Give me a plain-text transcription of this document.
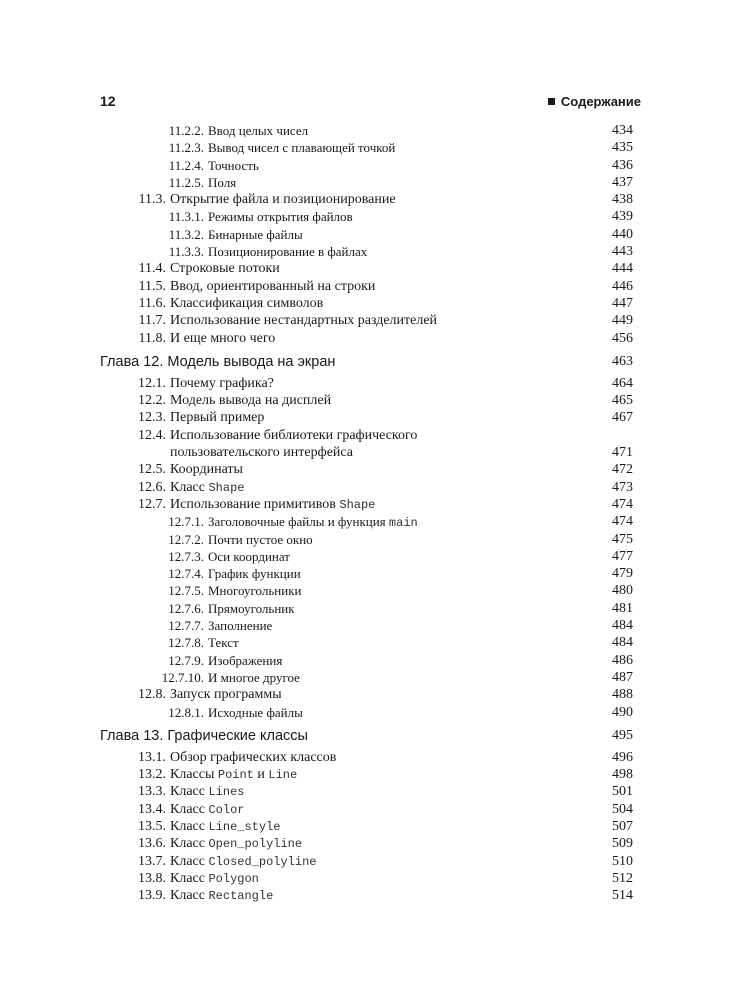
12	Содержание
11.2.2. Ввод целых чисел	434
11.2.3. Вывод чисел с плавающей точкой	435
11.2.4. Точность	436
11.2.5. Поля	437
11.3. Открытие файла и позиционирование	438
11.3.1. Режимы открытия файлов	439
11.3.2. Бинарные файлы	440
11.3.3. Позиционирование в файлах	443
11.4. Строковые потоки	444
11.5. Ввод, ориентированный на строки	446
11.6. Классификация символов	447
11.7. Использование нестандартных разделителей	449
11.8. И еще много чего	456
Глава 12. Модель вывода на экран	463
12.1. Почему графика?	464
12.2. Модель вывода на дисплей	465
12.3. Первый пример	467
12.4. Использование библиотеки графического
пользовательского интерфейса	471
12.5. Координаты	472
12.6. Класс Shape	473
12.7. Использование примитивов Shape	474
12.7.1. Заголовочные файлы и функция main	474
12.7.2. Почти пустое окно	475
12.7.3. Оси координат	477
12.7.4. График функции	479
12.7.5. Многоугольники	480
12.7.6. Прямоугольник	481
12.7.7. Заполнение	484
12.7.8. Текст	484
12.7.9. Изображения	486
12.7.10. И многое другое	487
12.8. Запуск программы	488
12.8.1. Исходные файлы	490
Глава 13. Графические классы	495
13.1. Обзор графических классов	496
13.2. Классы Point и Line	498
13.3. Класс Lines	501
13.4. Класс Color	504
13.5. Класс Line_style	507
13.6. Класс Open_polyline	509
13.7. Класс Closed_polyline	510
13.8. Класс Polygon	512
13.9. Класс Rectangle	514
